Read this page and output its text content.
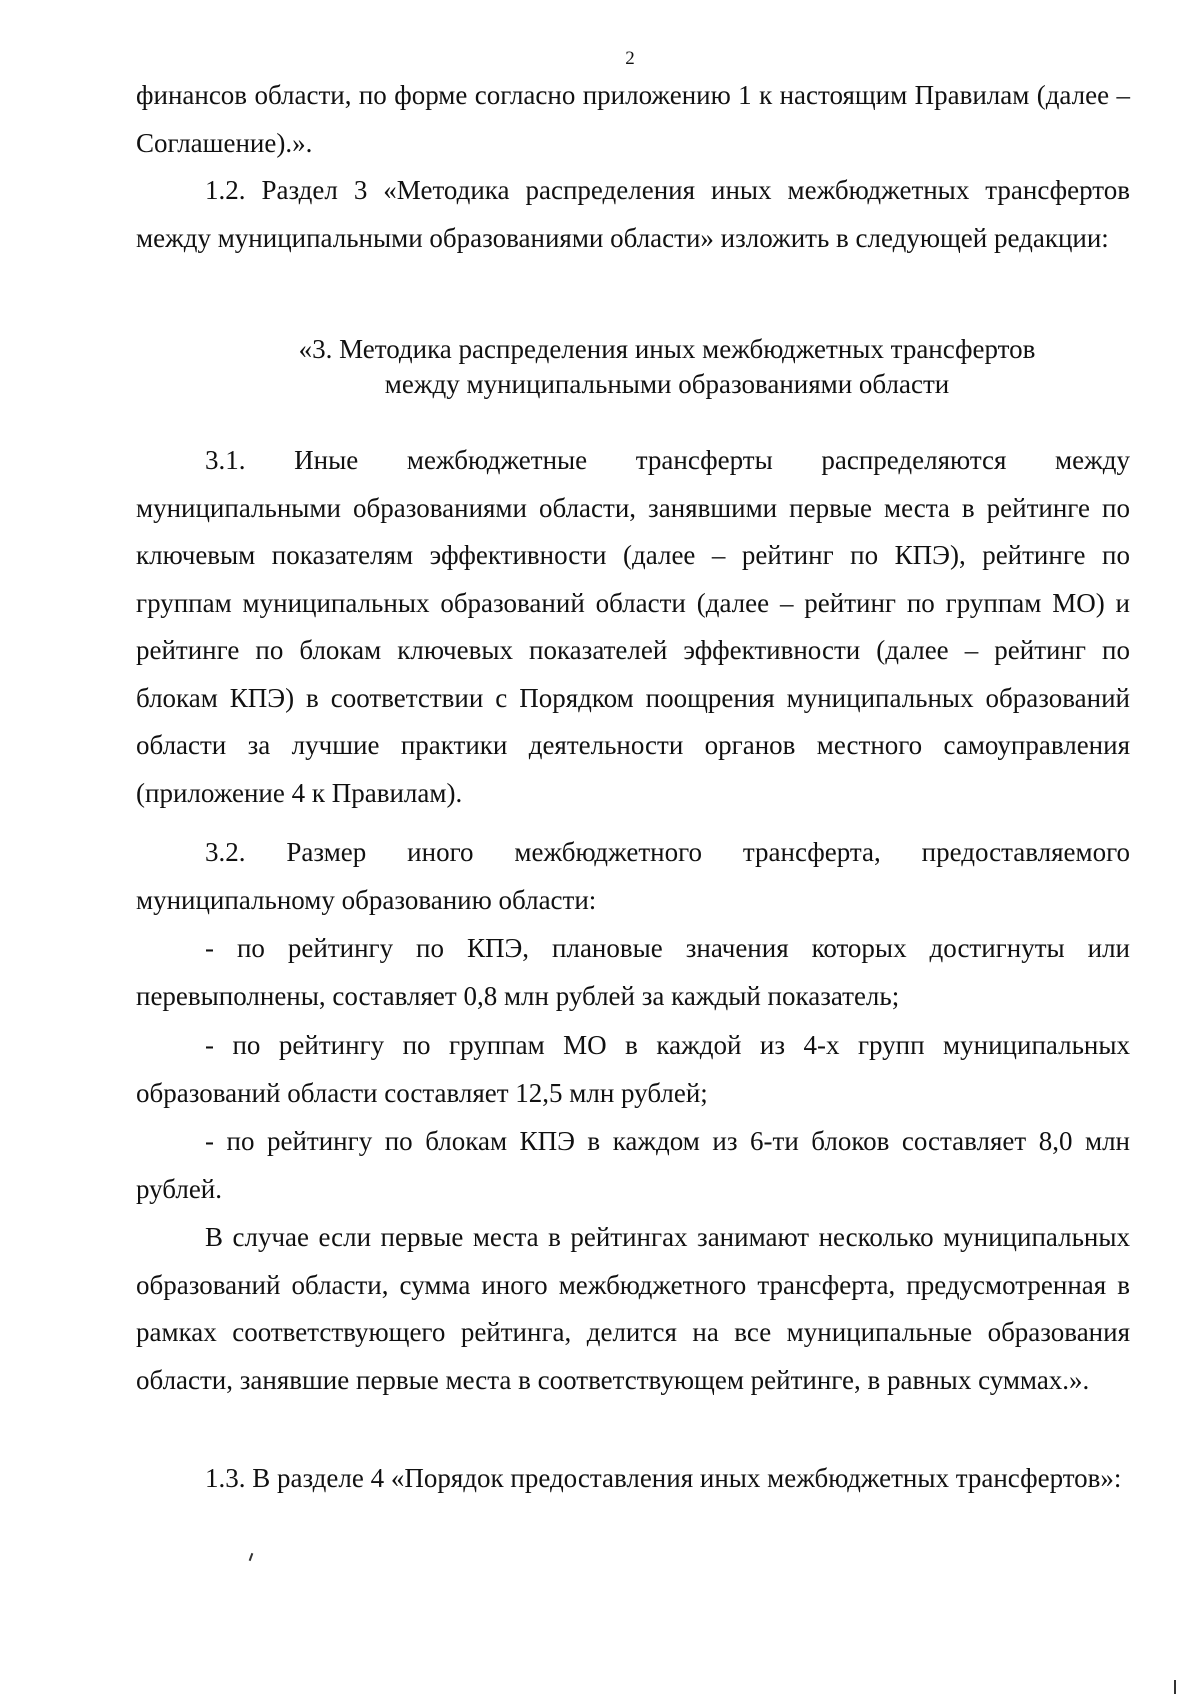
2

финансов области, по форме согласно приложению 1 к настоящим Правилам (далее – Соглашение).».

1.2. Раздел 3 «Методика распределения иных межбюджетных трансфертов между муниципальными образованиями области» изложить в следующей редакции:

«3. Методика распределения иных межбюджетных трансфертов
между муниципальными образованиями области

3.1. Иные межбюджетные трансферты распределяются между муниципальными образованиями области, занявшими первые места в рейтинге по ключевым показателям эффективности (далее – рейтинг по КПЭ), рейтинге по группам муниципальных образований области (далее – рейтинг по группам МО) и рейтинге по блокам ключевых показателей эффективности (далее – рейтинг по блокам КПЭ) в соответствии с Порядком поощрения муниципальных образований области за лучшие практики деятельности органов местного самоуправления (приложение 4 к Правилам).

3.2. Размер иного межбюджетного трансферта, предоставляемого муниципальному образованию области:

- по рейтингу по КПЭ, плановые значения которых достигнуты или перевыполнены, составляет 0,8 млн рублей за каждый показатель;

- по рейтингу по группам МО в каждой из 4-х групп муниципальных образований области составляет 12,5 млн рублей;

- по рейтингу по блокам КПЭ в каждом из 6-ти блоков составляет 8,0 млн рублей.

В случае если первые места в рейтингах занимают несколько муниципальных образований области, сумма иного межбюджетного трансферта, предусмотренная в рамках соответствующего рейтинга, делится на все муниципальные образования области, занявшие первые места в соответствующем рейтинге, в равных суммах.».

1.3. В разделе 4 «Порядок предоставления иных межбюджетных трансфертов»:
